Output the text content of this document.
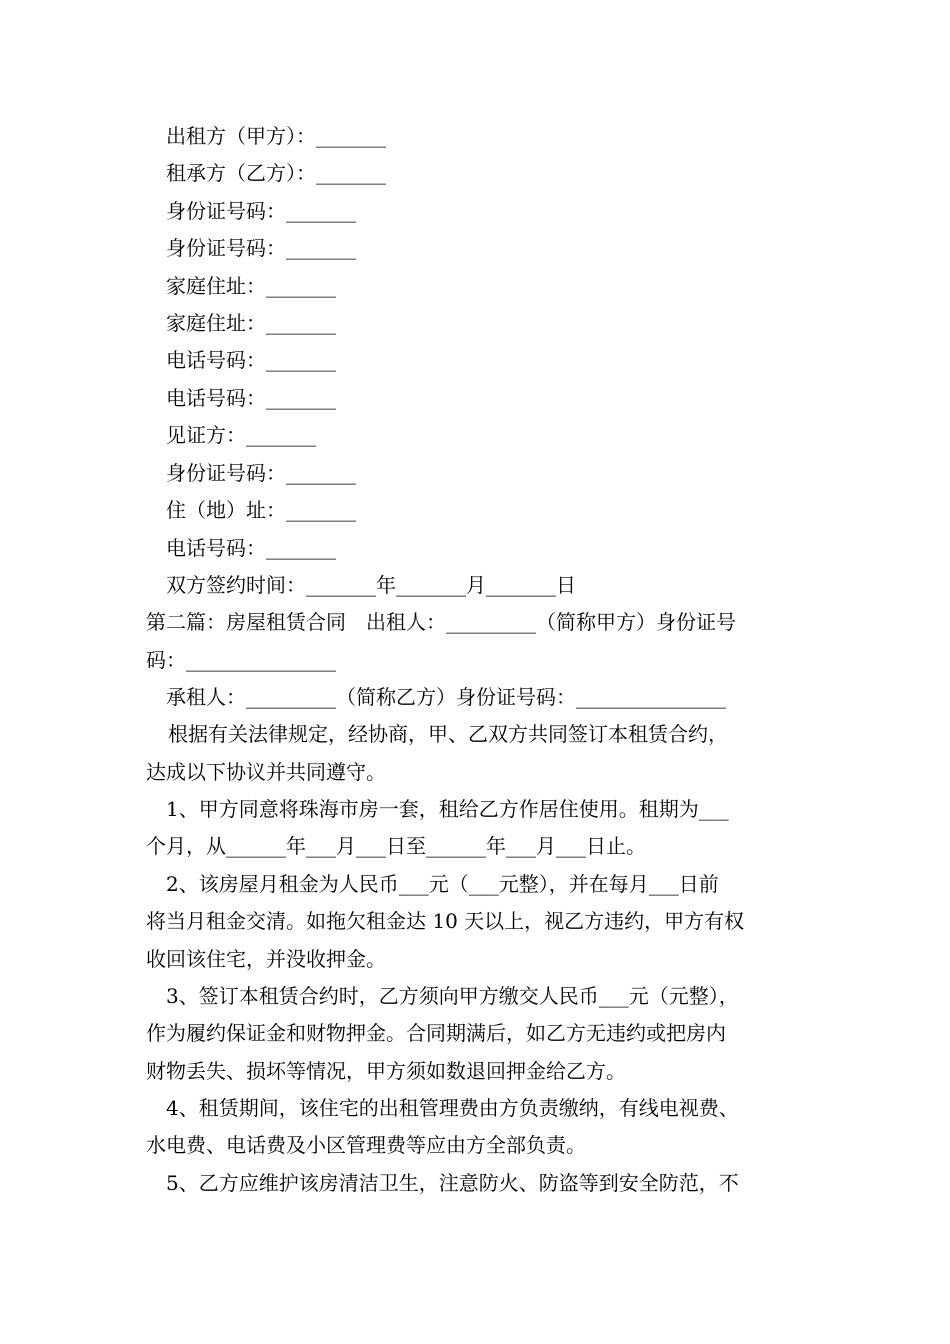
出租方（甲方）：_______
租承方（乙方）：_______
身份证号码：_______
身份证号码：_______
家庭住址：_______
家庭住址：_______
电话号码：_______
电话号码：_______
见证方：_______
身份证号码：_______
住（地）址：_______
电话号码：_______
双方签约时间：_______年_______月_______日
第二篇：房屋租赁合同　出租人：_________（简称甲方）身份证号
码：_______________
承租人：_________（简称乙方）身份证号码：_______________
根据有关法律规定，经协商，甲、乙双方共同签订本租赁合约，
达成以下协议并共同遵守。
1、甲方同意将珠海市房一套，租给乙方作居住使用。租期为___
个月，从______年___月___日至______年___月___日止。
2、该房屋月租金为人民币___元（___元整），并在每月___日前
将当月租金交清。如拖欠租金达 10 天以上，视乙方违约，甲方有权
收回该住宅，并没收押金。
3、签订本租赁合约时，乙方须向甲方缴交人民币___元（元整），
作为履约保证金和财物押金。合同期满后，如乙方无违约或把房内
财物丢失、损坏等情况，甲方须如数退回押金给乙方。
4、租赁期间，该住宅的出租管理费由方负责缴纳，有线电视费、
水电费、电话费及小区管理费等应由方全部负责。
5、乙方应维护该房清洁卫生，注意防火、防盗等到安全防范，不
